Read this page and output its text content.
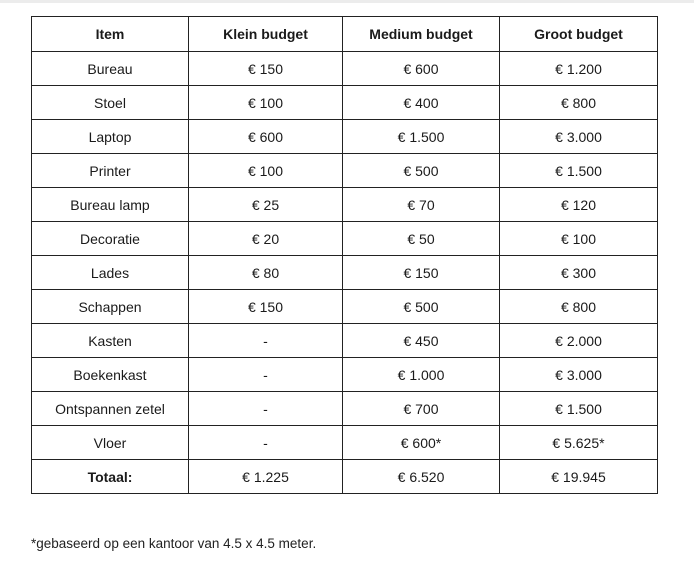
Item	Klein budget	Medium budget	Groot budget
Bureau	€ 150	€ 600	€ 1.200
Stoel	€ 100	€ 400	€ 800
Laptop	€ 600	€ 1.500	€ 3.000
Printer	€ 100	€ 500	€ 1.500
Bureau lamp	€ 25	€ 70	€ 120
Decoratie	€ 20	€ 50	€ 100
Lades	€ 80	€ 150	€ 300
Schappen	€ 150	€ 500	€ 800
Kasten	-	€ 450	€ 2.000
Boekenkast	-	€ 1.000	€ 3.000
Ontspannen zetel	-	€ 700	€ 1.500
Vloer	-	€ 600*	€ 5.625*
Totaal:	€ 1.225	€ 6.520	€ 19.945
*gebaseerd op een kantoor van 4.5 x 4.5 meter.
